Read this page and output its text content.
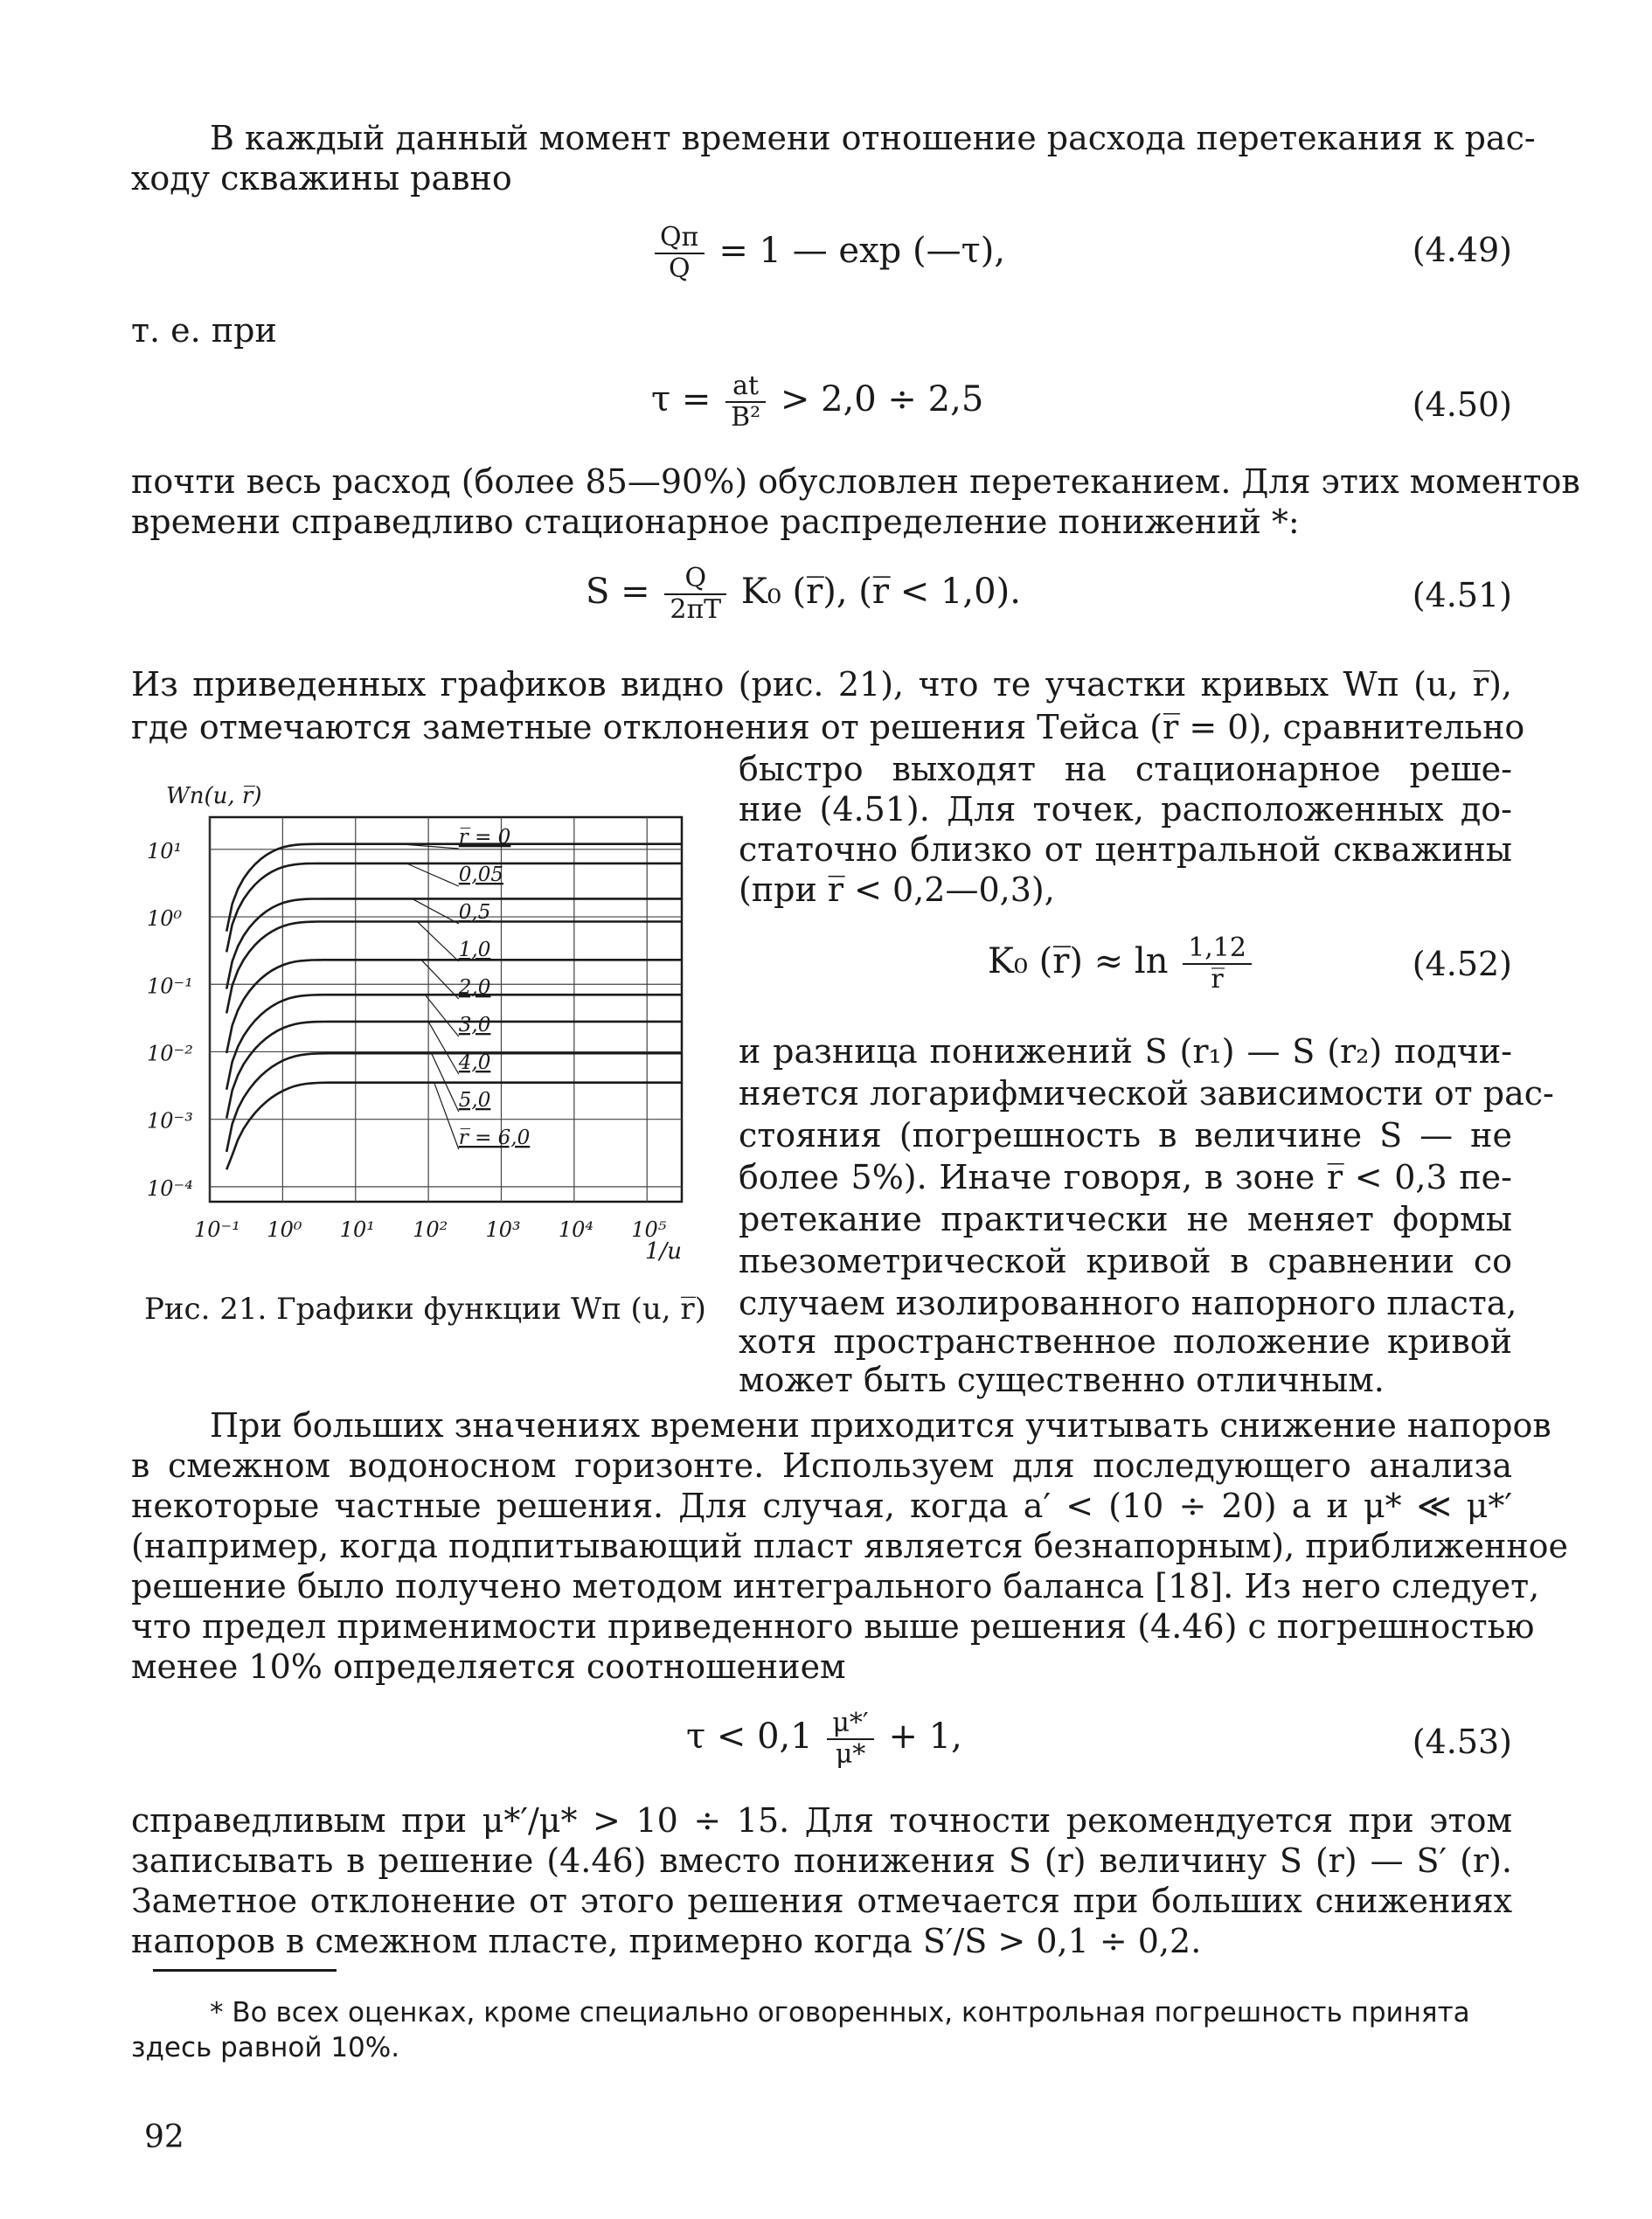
В каждый данный момент времени отношение расхода перетекания к рас-
ходу скважины равно
$\frac{Qп}{Q} = 1$ — exp (—τ),	(4.49)
т. е. при
$\tau = \frac{at}{\text{B²}} > 2,0 \div 2,5$	(4.50)
почти весь расход (более 85—90%) обусловлен перетеканием. Для этих моментов
времени справедливо стационарное распределение понижений *:
$S = \frac{Q}{2\pi T} K_0$ (r̅), (r̅ < 1,0).	(4.51)
Из приведенных графиков видно (рис. 21), что те участки кривых Wп (u, r̅),
где отмечаются заметные отклонения от решения Тейса (r̅ = 0), сравнительно
быстро выходят на стационарное реше-
ние (4.51). Для точек, расположенных до-
статочно близко от центральной скважины
(при r̅ < 0,2—0,3),
K₀ (r̅) ≈ $\ln \frac{1,12}{r̅}$	(4.52)
и разница понижений S (r₁) — S (r₂) подчи-
няется логарифмической зависимости от рас-
стояния (погрешность в величине S — не
более 5%). Иначе говоря, в зоне r̅ < 0,3 пе-
ретекание практически не меняет формы
пьезометрической кривой в сравнении со
случаем изолированного напорного пласта,
хотя пространственное положение кривой
может быть существенно отличным.
Wп(u, r̅)
10¹
10⁰
10⁻¹
10⁻²
10⁻³
10⁻⁴
10⁻¹ 10⁰ 10¹ 10² 10³ 10⁴ 10⁵
r̅ = 0
0,05
0,5
1,0
2,0
3,0
4,0
5,0
r̅ = 6,0
1/u
Рис. 21. Графики функции Wп (u, r̅)
При больших значениях времени приходится учитывать снижение напоров
в смежном водоносном горизонте. Используем для последующего анализа
некоторые частные решения. Для случая, когда a′ < (10 ÷ 20) a и μ* ≪ μ*′
(например, когда подпитывающий пласт является безнапорным), приближенное
решение было получено методом интегрального баланса [18]. Из него следует,
что предел применимости приведенного выше решения (4.46) с погрешностью
менее 10% определяется соотношением
$\tau < 0,1 \frac{\mu*'}{\mu*} + 1$,	(4.53)
справедливым при μ*′/μ* > 10 ÷ 15. Для точности рекомендуется при этом
записывать в решение (4.46) вместо понижения S (r) величину S (r) — S′ (r).
Заметное отклонение от этого решения отмечается при больших снижениях
напоров в смежном пласте, примерно когда S′/S > 0,1 ÷ 0,2.
* Во всех оценках, кроме специально оговоренных, контрольная погрешность принята здесь равной 10%.
92
